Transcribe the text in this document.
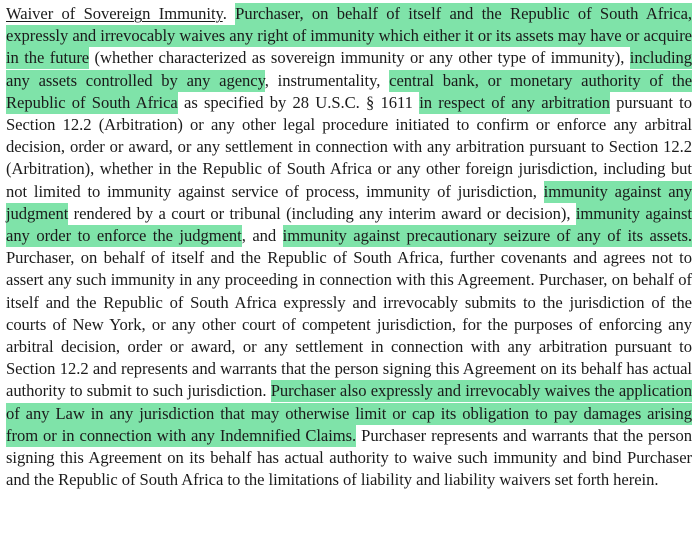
Waiver of Sovereign Immunity. Purchaser, on behalf of itself and the Republic of South Africa, expressly and irrevocably waives any right of immunity which either it or its assets may have or acquire in the future (whether characterized as sovereign immunity or any other type of immunity), including any assets controlled by any agency, instrumentality, central bank, or monetary authority of the Republic of South Africa as specified by 28 U.S.C. § 1611 in respect of any arbitration pursuant to Section 12.2 (Arbitration) or any other legal procedure initiated to confirm or enforce any arbitral decision, order or award, or any settlement in connection with any arbitration pursuant to Section 12.2 (Arbitration), whether in the Republic of South Africa or any other foreign jurisdiction, including but not limited to immunity against service of process, immunity of jurisdiction, immunity against any judgment rendered by a court or tribunal (including any interim award or decision), immunity against any order to enforce the judgment, and immunity against precautionary seizure of any of its assets. Purchaser, on behalf of itself and the Republic of South Africa, further covenants and agrees not to assert any such immunity in any proceeding in connection with this Agreement. Purchaser, on behalf of itself and the Republic of South Africa expressly and irrevocably submits to the jurisdiction of the courts of New York, or any other court of competent jurisdiction, for the purposes of enforcing any arbitral decision, order or award, or any settlement in connection with any arbitration pursuant to Section 12.2 and represents and warrants that the person signing this Agreement on its behalf has actual authority to submit to such jurisdiction. Purchaser also expressly and irrevocably waives the application of any Law in any jurisdiction that may otherwise limit or cap its obligation to pay damages arising from or in connection with any Indemnified Claims. Purchaser represents and warrants that the person signing this Agreement on its behalf has actual authority to waive such immunity and bind Purchaser and the Republic of South Africa to the limitations of liability and liability waivers set forth herein.
